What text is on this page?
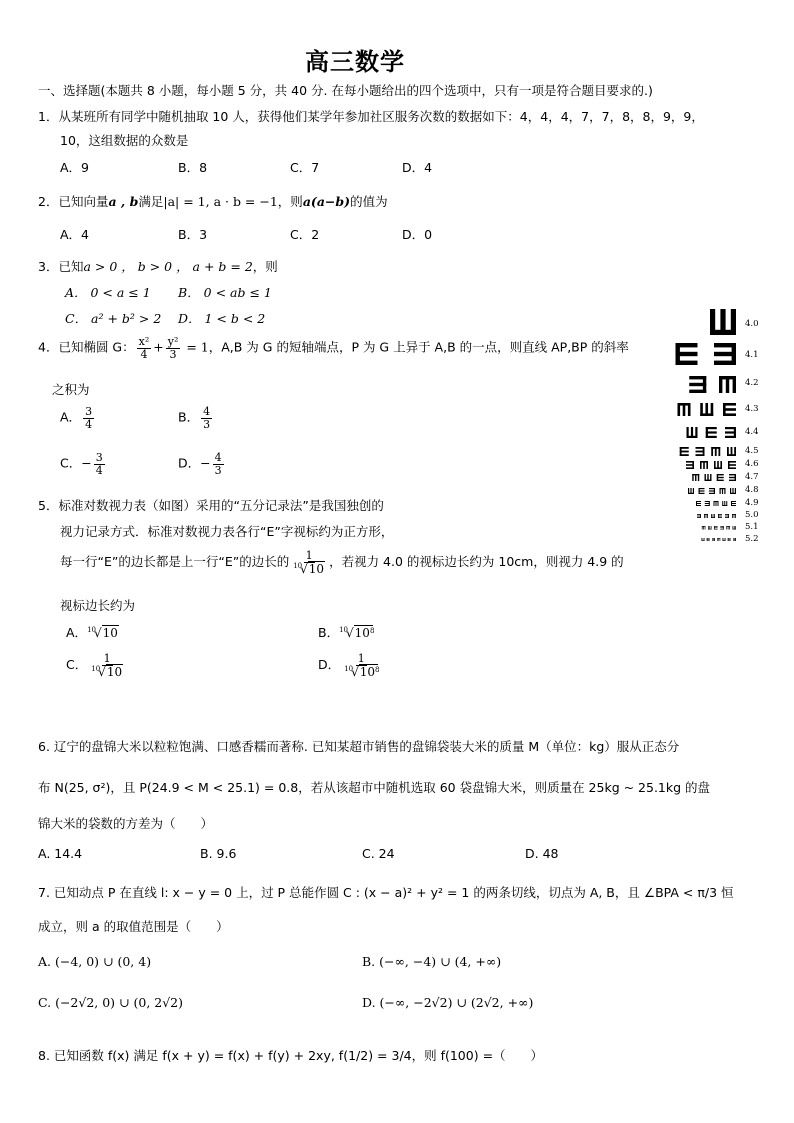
高三数学
一、选择题(本题共 8 小题，每小题 5 分，共 40 分. 在每小题给出的四个选项中，只有一项是符合题目要求的.)
1．从某班所有同学中随机抽取 10 人，获得他们某学年参加社区服务次数的数据如下：4，4，4，7，7，8，8，9，9，
10，这组数据的众数是
A．9	B．8	C．7	D．4
2．已知向量a , b满足|a| = 1, a · b = −1，则a(a−b)的值为
A．4	B．3	C．2	D．0
3．已知a > 0 ， b > 0 ， a + b = 2，则
A． 0 < a ≤ 1 B． 0 < ab ≤ 1
C． a² + b² > 2 D． 1 < b < 2
4．已知椭圆 G： $\frac{\text{x²}}{4} + \frac{\text{y²}}{3} = 1$，A,B 为 G 的短轴端点，P 为 G 上异于 A,B 的一点，则直线 AP,BP 的斜率
之积为
A． $\frac{3}{4}$	B． $\frac{4}{3}$
C．− $\frac{3}{4}$	D．− $\frac{4}{3}$
5．标准对数视力表（如图）采用的“五分记录法”是我国独创的
视力记录方式．标准对数视力表各行“E”字视标约为正方形，
每一行“E”的边长都是上一行“E”的边长的 $\frac{1}{^{10}√10}$ ，若视力 4.0 的视标边长约为 10cm，则视力 4.9 的
视标边长约为
A．$^{10}$√10	B．$^{10}√10^8$
C． $\frac{1}{^{10}√10}$	D． $\frac{1}{^{10}√10^8}$
6. 辽宁的盘锦大米以粒粒饱满、口感香糯而著称. 已知某超市销售的盘锦袋装大米的质量 M（单位：kg）服从正态分
布 N(25, σ²)，且 P(24.9 < M < 25.1) = 0.8，若从该超市中随机选取 60 袋盘锦大米，则质量在 25kg ~ 25.1kg 的盘
锦大米的袋数的方差为（　　）
A. 14.4	B. 9.6	C. 24	D. 48
7. 已知动点 P 在直线 l: x − y = 0 上，过 P 总能作圆 C : (x − a)² + y² = 1 的两条切线，切点为 A, B，且 ∠BPA < π/3 恒
成立，则 a 的取值范围是（　　）
A. (−4, 0) ∪ (0, 4)	B. (−∞, −4) ∪ (4, +∞)
C. (−2√2, 0) ∪ (0, 2√2)	D. (−∞, −2√2) ∪ (2√2, +∞)
8. 已知函数 f(x) 满足 f(x + y) = f(x) + f(y) + 2xy, f(1/2) = 3/4，则 f(100) =（　　）
4.0
4.1
4.2
4.3
4.4
4.5
4.6
4.7
4.8
4.9
5.0
5.1
5.2
